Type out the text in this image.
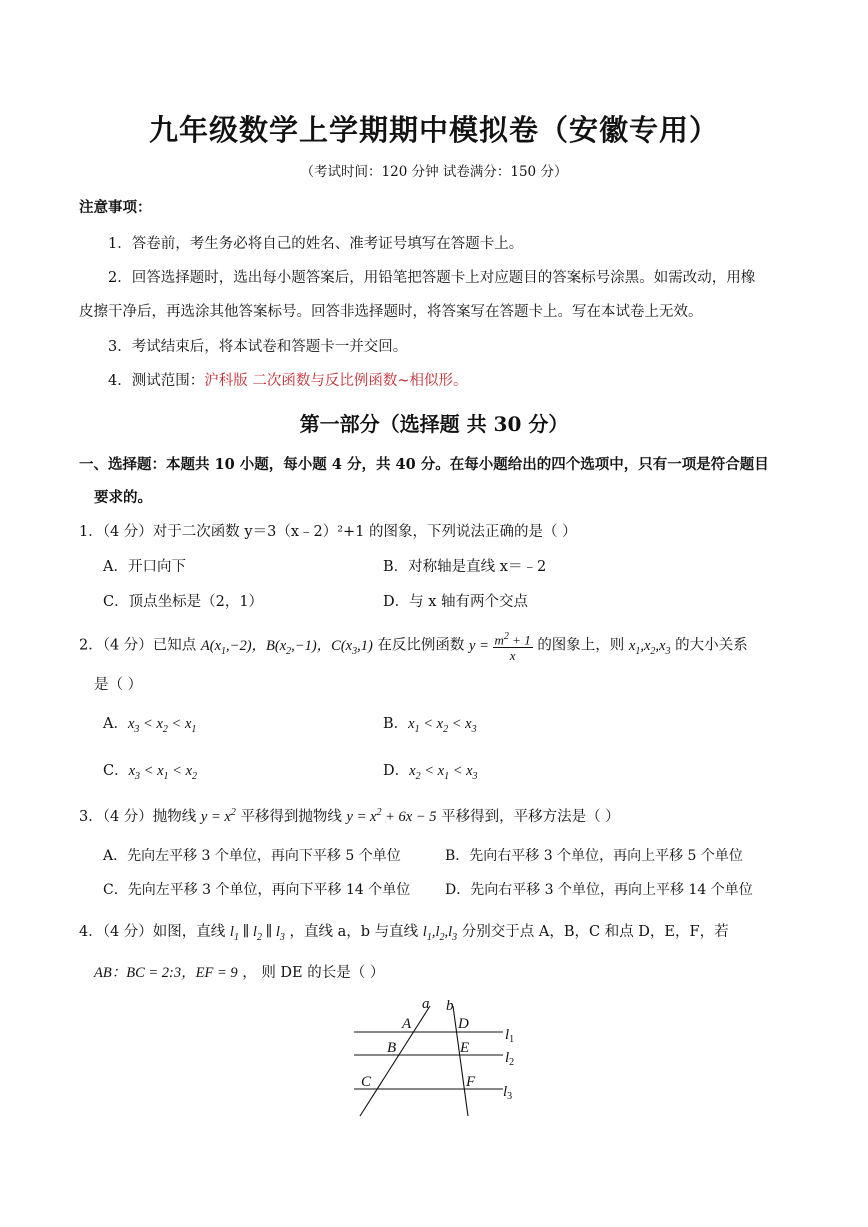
九年级数学上学期期中模拟卷（安徽专用）
（考试时间：120 分钟 试卷满分：150 分）
注意事项：
1．答卷前，考生务必将自己的姓名、准考证号填写在答题卡上。
2．回答选择题时，选出每小题答案后，用铅笔把答题卡上对应题目的答案标号涂黑。如需改动，用橡
皮擦干净后，再选涂其他答案标号。回答非选择题时，将答案写在答题卡上。写在本试卷上无效。
3．考试结束后，将本试卷和答题卡一并交回。
4．测试范围：沪科版 二次函数与反比例函数~相似形。
第一部分（选择题 共 30 分）
一、选择题：本题共 10 小题，每小题 4 分，共 40 分。在每小题给出的四个选项中，只有一项是符合题目
要求的。
1．（4 分）对于二次函数 y＝3（x﹣2）²+1 的图象，下列说法正确的是（ ）
A．开口向下	B．对称轴是直线 x＝﹣2
C．顶点坐标是（2，1）	D．与 x 轴有两个交点
2．（4 分）已知点 $A(x_1,-2)$，$B(x_2,-1)$，$C(x_3,1)$ 在反比例函数 $y = \frac{m^2 + 1}{x}$ 的图象上，则 $x_1,x_2,x_3$ 的大小关系
是（ ）
A．$x_3 < x_2 < x_1$	B．$x_1 < x_2 < x_3$
C．$x_3 < x_1 < x_2$	D．$x_2 < x_1 < x_3$
3．（4 分）抛物线 $y = x^2$ 平移得到抛物线 $y = x^2 + 6x - 5$ 平移得到，平移方法是（ ）
A．先向左平移 3 个单位，再向下平移 5 个单位	B．先向右平移 3 个单位，再向上平移 5 个单位
C．先向左平移 3 个单位，再向下平移 14 个单位 D．先向右平移 3 个单位，再向上平移 14 个单位
4．（4 分）如图，直线 $l_1$ ∥ $l_2$ ∥ $l_3$ ，直线 a，b 与直线 $l_1,l_2,l_3$ 分别交于点 A，B，C 和点 D，E，F，若
AB：BC = 2:3，EF = 9 ， 则 DE 的长是（ ）
a b
A	D
B	E
C	F
$l_1$
$l_2$
$l_3$
